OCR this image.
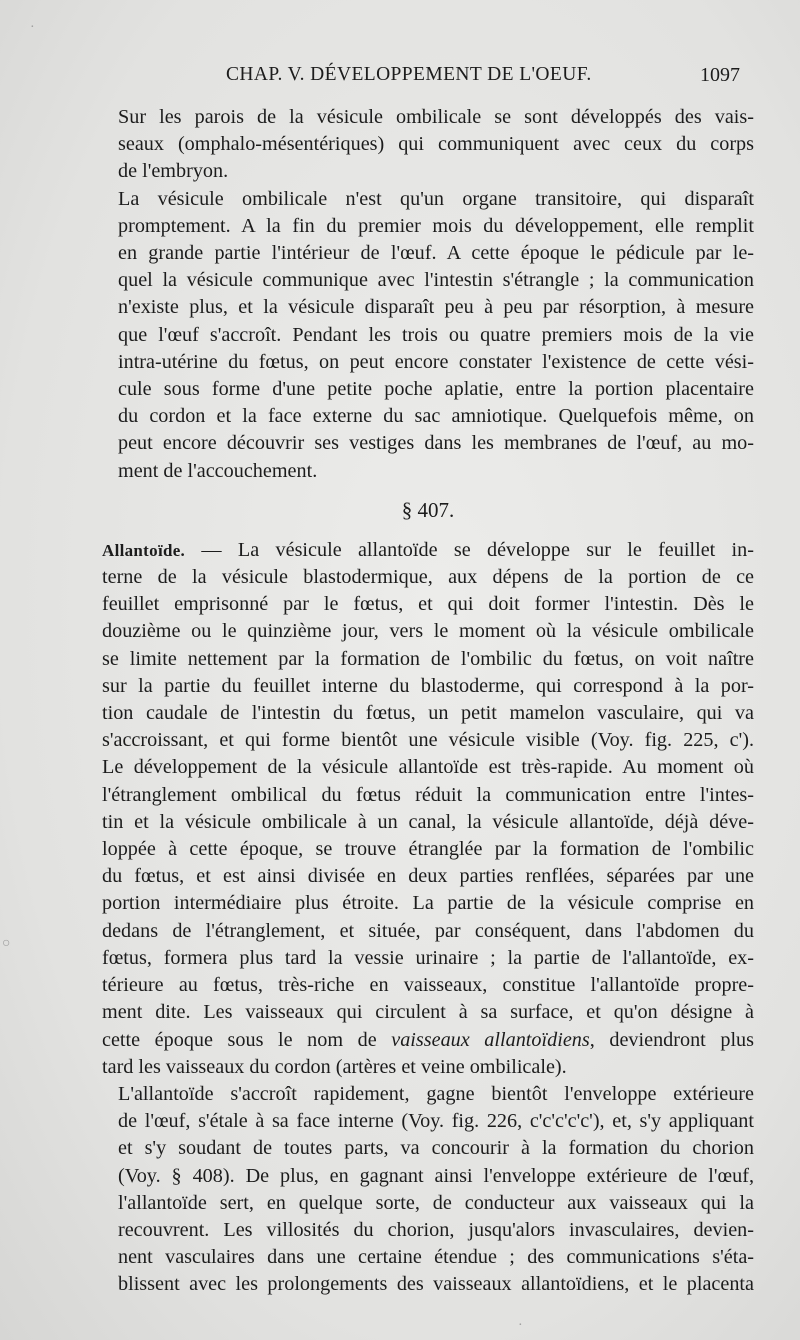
CHAP. V. DÉVELOPPEMENT DE L'OEUF.	1097

Sur les parois de la vésicule ombilicale se sont développés des vais-
seaux (omphalo-mésentériques) qui communiquent avec ceux du corps
de l'embryon.

La vésicule ombilicale n'est qu'un organe transitoire, qui disparaît
promptement. A la fin du premier mois du développement, elle remplit
en grande partie l'intérieur de l'œuf. A cette époque le pédicule par le-
quel la vésicule communique avec l'intestin s'étrangle ; la communication
n'existe plus, et la vésicule disparaît peu à peu par résorption, à mesure
que l'œuf s'accroît. Pendant les trois ou quatre premiers mois de la vie
intra-utérine du fœtus, on peut encore constater l'existence de cette vési-
cule sous forme d'une petite poche aplatie, entre la portion placentaire
du cordon et la face externe du sac amniotique. Quelquefois même, on
peut encore découvrir ses vestiges dans les membranes de l'œuf, au mo-
ment de l'accouchement.

§ 407.

Allantoïde. — La vésicule allantoïde se développe sur le feuillet in-
terne de la vésicule blastodermique, aux dépens de la portion de ce
feuillet emprisonné par le fœtus, et qui doit former l'intestin. Dès le
douzième ou le quinzième jour, vers le moment où la vésicule ombilicale
se limite nettement par la formation de l'ombilic du fœtus, on voit naître
sur la partie du feuillet interne du blastoderme, qui correspond à la por-
tion caudale de l'intestin du fœtus, un petit mamelon vasculaire, qui va
s'accroissant, et qui forme bientôt une vésicule visible (Voy. fig. 225, c').
Le développement de la vésicule allantoïde est très-rapide. Au moment où
l'étranglement ombilical du fœtus réduit la communication entre l'intes-
tin et la vésicule ombilicale à un canal, la vésicule allantoïde, déjà déve-
loppée à cette époque, se trouve étranglée par la formation de l'ombilic
du fœtus, et est ainsi divisée en deux parties renflées, séparées par une
portion intermédiaire plus étroite. La partie de la vésicule comprise en
dedans de l'étranglement, et située, par conséquent, dans l'abdomen du
fœtus, formera plus tard la vessie urinaire ; la partie de l'allantoïde, ex-
térieure au fœtus, très-riche en vaisseaux, constitue l'allantoïde propre-
ment dite. Les vaisseaux qui circulent à sa surface, et qu'on désigne à
cette époque sous le nom de vaisseaux allantoïdiens, deviendront plus
tard les vaisseaux du cordon (artères et veine ombilicale).

L'allantoïde s'accroît rapidement, gagne bientôt l'enveloppe extérieure
de l'œuf, s'étale à sa face interne (Voy. fig. 226, c'c'c'c'c'), et, s'y appliquant
et s'y soudant de toutes parts, va concourir à la formation du chorion
(Voy. § 408). De plus, en gagnant ainsi l'enveloppe extérieure de l'œuf,
l'allantoïde sert, en quelque sorte, de conducteur aux vaisseaux qui la
recouvrent. Les villosités du chorion, jusqu'alors invasculaires, devien-
nent vasculaires dans une certaine étendue ; des communications s'éta-
blissent avec les prolongements des vaisseaux allantoïdiens, et le placenta

·
○
·
